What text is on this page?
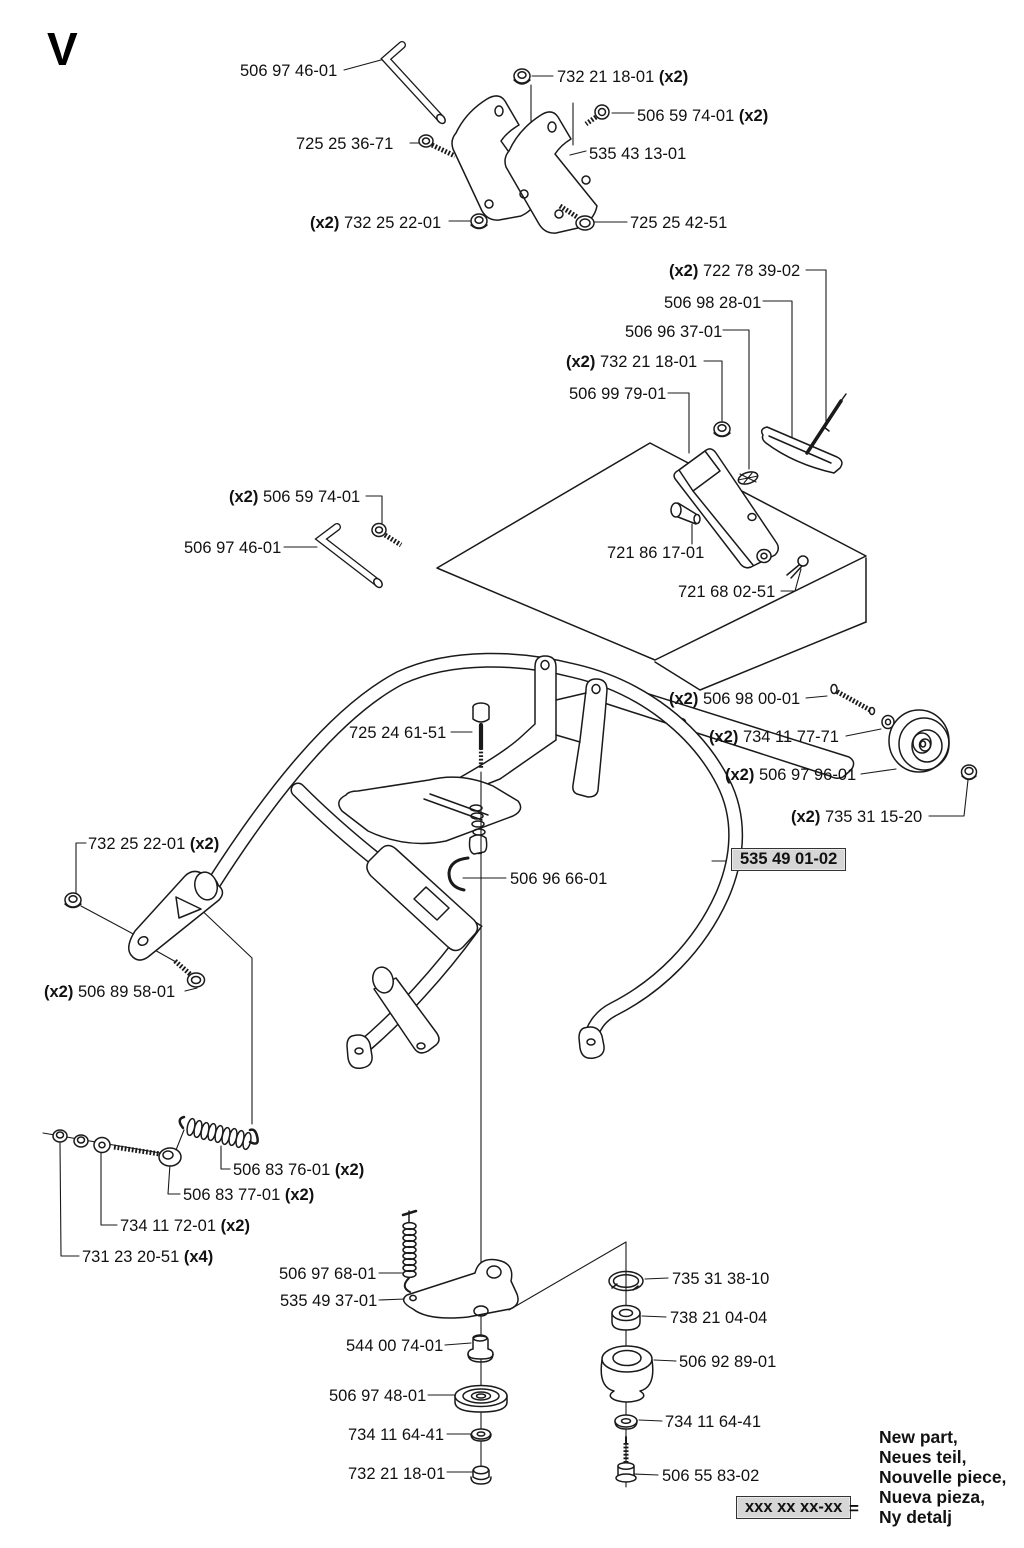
V	506 97 46-01	732 21 18-01 (x2)
506 59 74-01 (x2)
725 25 36-71
535 43 13-01
(x2) 732 25 22-01	725 25 42-51
(x2) 722 78 39-02
506 98 28-01
506 96 37-01
(x2) 732 21 18-01
506 99 79-01
(x2) 506 59 74-01
506 97 46-01	721 86 17-01
721 68 02-51
(x2) 506 98 00-01
(x2) 734 11 77-71
(x2) 506 97 96-01
(x2) 735 31 15-20
725 24 61-51
506 96 66-01
732 25 22-01 (x2)
(x2) 506 89 58-01
506 83 76-01 (x2)
506 83 77-01 (x2)
734 11 72-01 (x2)
731 23 20-51 (x4)
506 97 68-01
535 49 37-01
544 00 74-01
506 97 48-01
734 11 64-41
732 21 18-01
735 31 38-10
738 21 04-04
506 92 89-01
734 11 64-41
506 55 83-02
535 49 01-02
xxx xx xx-xx =
New part,
Neues teil,
Nouvelle piece,
Nueva pieza,
Ny detalj
